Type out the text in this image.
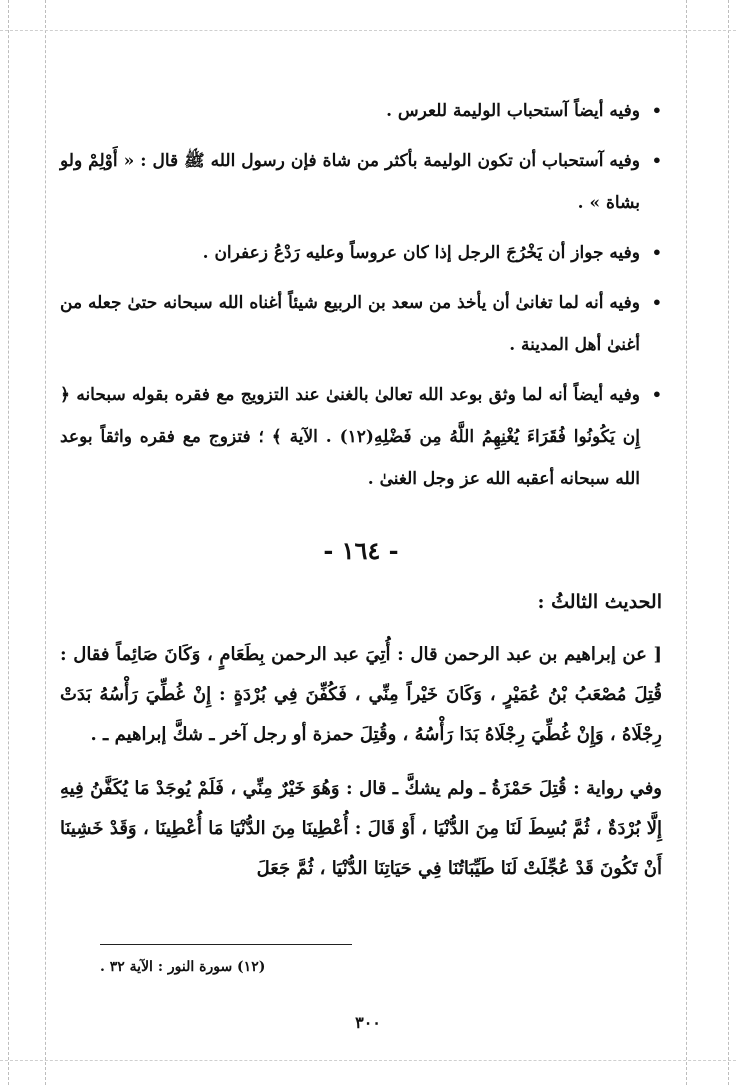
•
وفيه أيضاً آستحباب الوليمة للعرس .
•
وفيه آستحباب أن تكون الوليمة بأكثر من شاة فإن رسول الله ﷺ قال : « أَوْلِمْ ولو بشاة » .
•
وفيه جواز أن يَخْرُجَ الرجل إذا كان عروساً وعليه رَدْعُ زعفران .
•
وفيه أنه لما تغانىٰ أن يأخذ من سعد بن الربيع شيئاً أغناه الله سبحانه حتىٰ جعله من أغنىٰ أهل المدينة .
•
وفيه أيضاً أنه لما وثق بوعد الله تعالىٰ بالغنىٰ عند التزويج مع فقره بقوله سبحانه ﴿ إِن يَكُونُوا فُقَرَاءَ يُغْنِهِمُ اللَّهُ مِن فَضْلِهِ(١٢) . الآية ﴾ ؛ فتزوج مع فقره واثقاً بوعد الله سبحانه أعقبه الله عز وجل الغنىٰ .
- ١٦٤ -
الحديث الثالثُ :
[ عن إبراهيم بن عبد الرحمن قال : أُتِيَ عبد الرحمن بِطَعَامٍ ، وَكَانَ صَائِماً فقال : قُتِلَ مُصْعَبُ بْنُ عُمَيْرٍ ، وَكَانَ خَيْراً مِنِّي ، فَكُفِّنَ فِي بُرْدَةٍ : إِنْ غُطِّيَ رَأْسُهُ بَدَتْ رِجْلَاهُ ، وَإِنْ غُطِّيَ رِجْلَاهُ بَدَا رَأْسُهُ ، وقُتِلَ حمزة أو رجل آخر ـ شكَّ إبراهيم ـ .
وفي رواية : قُتِلَ حَمْزَةُ ـ ولم يشكَّ ـ قال : وَهُوَ خَيْرٌ مِنِّي ، فَلَمْ يُوجَدْ مَا يُكَفَّنُ فِيهِ إِلَّا بُرْدَةٌ ، ثُمَّ بُسِطَ لَنَا مِنَ الدُّنْيَا ، أَوْ قَالَ : أُعْطِينَا مِنَ الدُّنْيَا مَا أُعْطِينَا ، وَقَدْ خَشِينَا أَنْ تَكُونَ قَدْ عُجِّلَتْ لَنَا طَيِّبَاتُنَا فِي حَيَاتِنَا الدُّنْيَا ، ثُمَّ جَعَلَ
(١٢) سورة النور : الآية ٣٢ .
٣٠٠
